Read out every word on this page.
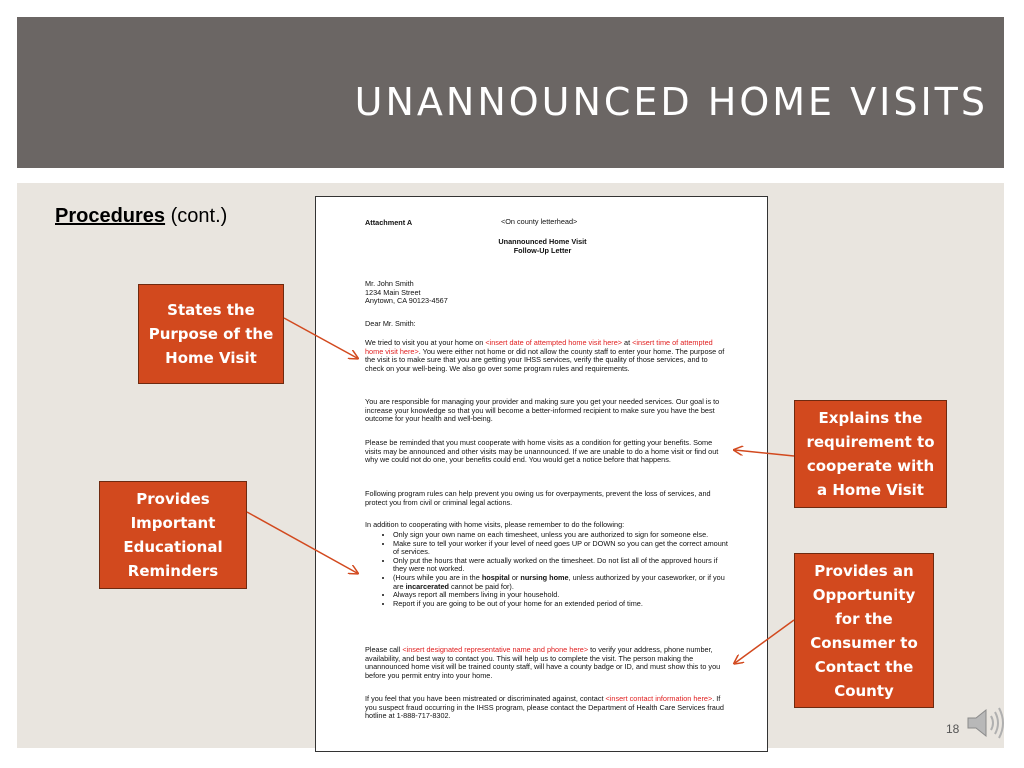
UNANNOUNCED HOME VISITS
Procedures (cont.)	Attachment A	<On county letterhead>
Unannounced Home Visit
Follow-Up Letter
Mr. John Smith
1234 Main Street
Anytown, CA 90123-4567
Dear Mr. Smith:
We tried to visit you at your home on <insert date of attempted home visit here> at <insert time of attempted home visit here>. You were either not home or did not allow the county staff to enter your home. The purpose of the visit is to make sure that you are getting your IHSS services, verify the quality of those services, and to check on your well-being. We also go over some program rules and requirements.
You are responsible for managing your provider and making sure you get your needed services. Our goal is to increase your knowledge so that you will become a better-informed recipient to make sure you have the best outcome for your health and well-being.
Please be reminded that you must cooperate with home visits as a condition for getting your benefits. Some visits may be announced and other visits may be unannounced. If we are unable to do a home visit or find out why we could not do one, your benefits could end. You would get a notice before that happens.
Following program rules can help prevent you owing us for overpayments, prevent the loss of services, and protect you from civil or criminal legal actions.
In addition to cooperating with home visits, please remember to do the following:
• Only sign your own name on each timesheet, unless you are authorized to sign for someone else.
• Make sure to tell your worker if your level of need goes UP or DOWN so you can get the correct amount of services.
• Only put the hours that were actually worked on the timesheet. Do not list all of the approved hours if they were not worked.
• (Hours while you are in the hospital or nursing home, unless authorized by your caseworker, or if you are incarcerated cannot be paid for).
• Always report all members living in your household.
• Report if you are going to be out of your home for an extended period of time.
Please call <insert designated representative name and phone here> to verify your address, phone number, availability, and best way to contact you. This will help us to complete the visit. The person making the unannounced home visit will be trained county staff, will have a county badge or ID, and must show this to you before you permit entry into your home.
If you feel that you have been mistreated or discriminated against, contact <insert contact information here>. If you suspect fraud occurring in the IHSS program, please contact the Department of Health Care Services fraud hotline at 1-888-717-8302.
States the
Purpose of the
Home Visit
Provides
Important
Educational
Reminders
Explains the
requirement to
cooperate with
a Home Visit
Provides an
Opportunity
for the
Consumer to
Contact the
County
18
